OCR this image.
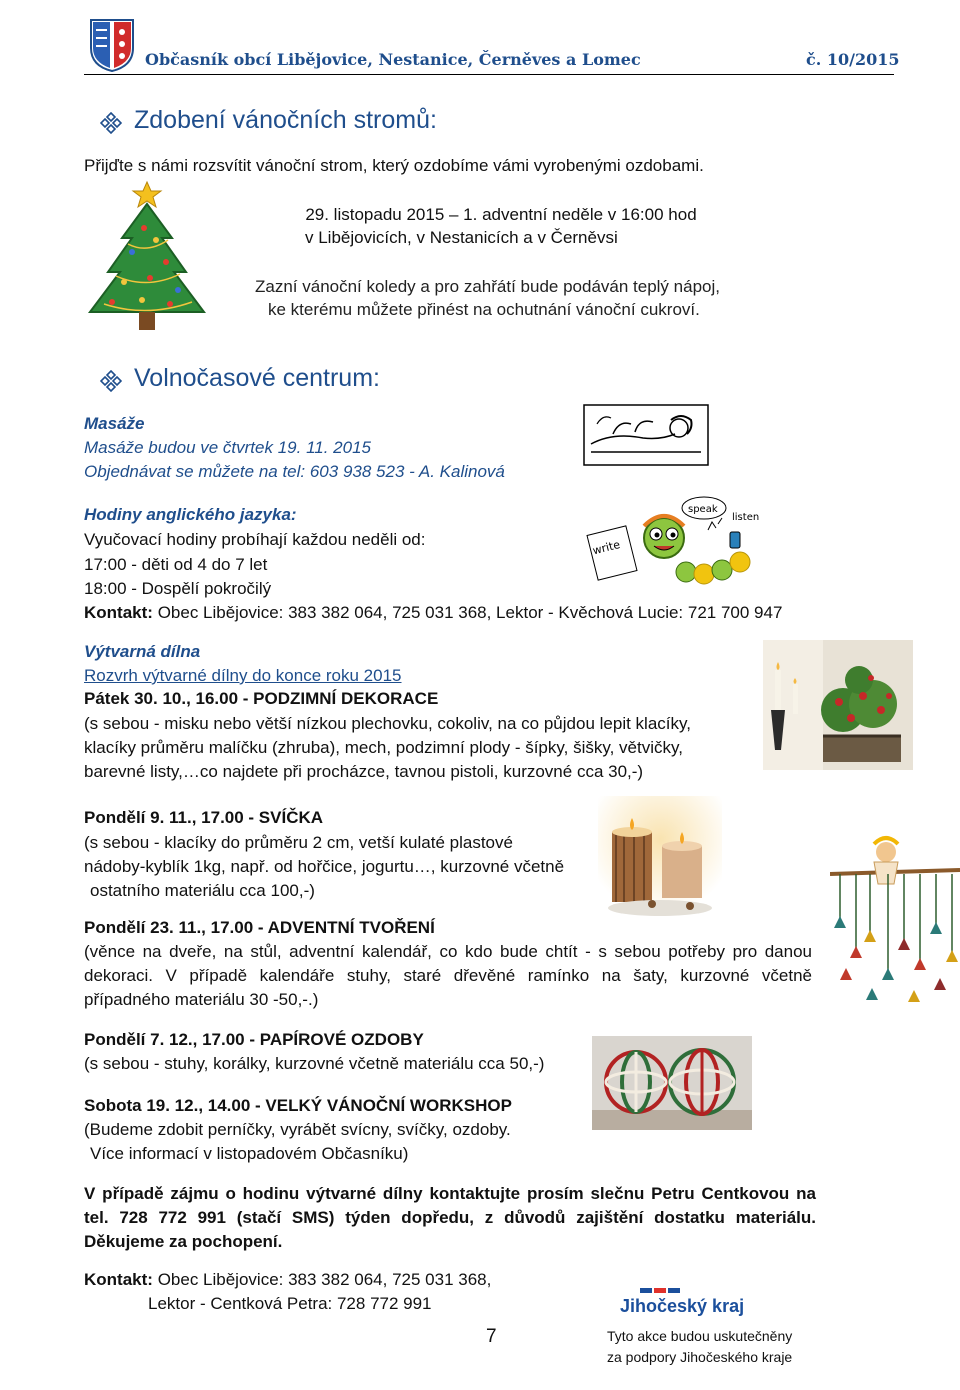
Občasník obcí Libějovice, Nestanice, Černěves a Lomec	č. 10/2015
Zdobení vánočních stromů:
Přijďte s námi rozsvítit vánoční strom, který ozdobíme vámi vyrobenými ozdobami.
29. listopadu 2015 – 1. adventní neděle v 16:00 hod
v Libějovicích, v Nestanicích a v Černěvsi
Zazní vánoční koledy a pro zahřátí bude podáván teplý nápoj,
ke kterému můžete přinést na ochutnání vánoční cukroví.
Volnočasové centrum:
Masáže
Masáže budou ve čtvrtek 19. 11. 2015
Objednávat se můžete na tel: 603 938 523 - A. Kalinová
Hodiny anglického jazyka:
Vyučovací hodiny probíhají každou neděli od:
17:00 - děti od 4 do 7 let
18:00 - Dospělí pokročilý
Kontakt: Obec Libějovice: 383 382 064, 725 031 368, Lektor - Kvěchová Lucie: 721 700 947
write
speak
listen
Výtvarná dílna
Rozvrh výtvarné dílny do konce roku 2015
Pátek 30. 10., 16.00 - PODZIMNÍ DEKORACE
(s sebou - misku nebo větší nízkou plechovku, cokoliv, na co půjdou lepit klacíky,
klacíky průměru malíčku (zhruba), mech, podzimní plody - šípky, šišky, větvičky,
barevné listy,…co najdete při procházce, tavnou pistoli, kurzovné cca 30,-)
Pondělí 9. 11., 17.00 - SVÍČKA
(s sebou - klacíky do průměru 2 cm, vetší kulaté plastové
nádoby-kyblík 1kg, např. od hořčice, jogurtu…, kurzovné včetně
ostatního materiálu cca 100,-)
Pondělí 23. 11., 17.00 - ADVENTNÍ TVOŘENÍ
(věnce na dveře, na stůl, adventní kalendář, co kdo bude chtít - s sebou potřeby pro danou dekoraci. V případě kalendáře stuhy, staré dřevěné ramínko na šaty, kurzovné včetně případného materiálu 30 -50,-.)
Pondělí 7. 12., 17.00 - PAPÍROVÉ OZDOBY
(s sebou - stuhy, korálky, kurzovné včetně materiálu cca 50,-)
Sobota 19. 12., 14.00 - VELKÝ VÁNOČNÍ WORKSHOP
(Budeme zdobit perníčky, vyrábět svícny, svíčky, ozdoby.
Více informací v listopadovém Občasníku)
V případě zájmu o hodinu výtvarné dílny kontaktujte prosím slečnu Petru Centkovou na tel. 728 772 991 (stačí SMS) týden dopředu, z důvodů zajištění dostatku materiálu. Děkujeme za pochopení.
Kontakt: Obec Libějovice: 383 382 064, 725 031 368,
Lektor - Centková Petra: 728 772 991	Jihočeský kraj
7	Tyto akce budou uskutečněny
za podpory Jihočeského kraje
